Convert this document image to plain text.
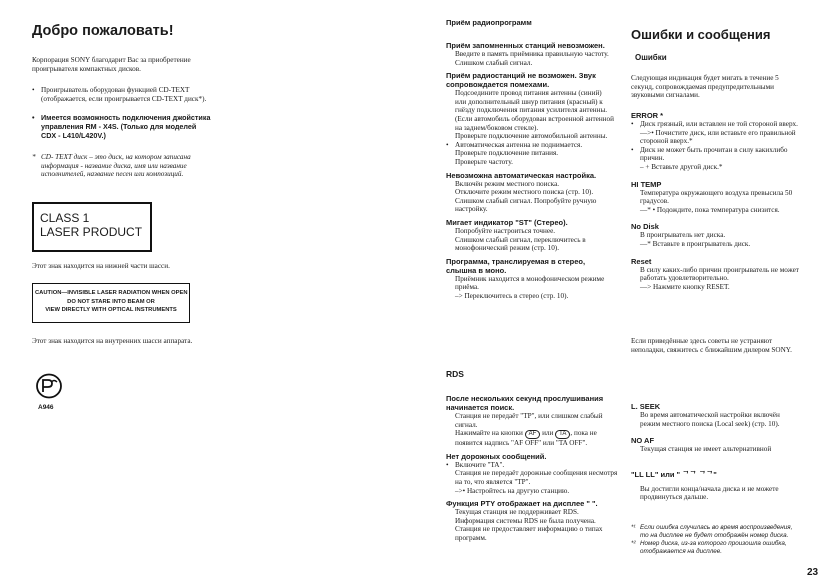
Добро пожаловать!

Корпорация SONY благодарит Вас за приобретение проигрывателя компактных дисков.

• Проигрыватель оборудован функцией CD-TEXT (отображается, если проигрывается CD-TEXT диск*).
• Имеется возможность подключения джойстика управления RM - X4S. (Только для моделей CDX - L410/L420V.)
* CD- TEXT диск – это диск, на котором записана информация - название диска, имя или название исполнителей, название песен или композиций.
CLASS 1
LASER PRODUCT

Этот знак находится на нижней части шасси.

CAUTION—INVISIBLE LASER RADIATION WHEN OPEN
DO NOT STARE INTO BEAM OR
VIEW DIRECTLY WITH OPTICAL INSTRUMENTS

Этот знак находится на внутренних шасси аппарата.

A946
Приём радиопрограмм

Приём запомненных станций невозможен.

Введите в память приёмника правильную частоту.

Слишком слабый сигнал.

Приём радиостанций не возможен. Звук сопровождается помехами.

Подсоедините провод питания антенны (синий) или дополнительный шнур питания (красный) к гнёзду подключения питания усилителя антенны. (Если автомобиль оборудован встроенной антенной на заднем/боковом стекле).

Проверьте подключение автомобильной антенны.

• Автоматическая антенна не поднимается.

Проверьте подключение питания.

Проверьте частоту.

Невозможна автоматическая настройка.

Включён режим местного поиска.

Отключите режим местного поиска (стр. 10).

Слишком слабый сигнал. Попробуйте ручную настройку.

Мигает индикатор "ST" (Стерео).

Попробуйте настроиться точнее.

Слишком слабый сигнал, переключитесь в монофонический режим (стр. 10).

Программа, транслируемая в стерео, слышна в моно.

Приёмник находится в монофоническом режиме приёма.

–> Переключитесь в стерео (стр. 10).

RDS

После нескольких секунд прослушивания начинается поиск.

Станция не передаёт "TP", или слишком слабый сигнал.

Нажимайте на кнопки AF или TA , пока не появится надпись "AF OFF" или "TA OFF".

Нет дорожных сообщений.

• Включите "TA".

Станция не передаёт дорожные сообщения несмотря на то, что является "TP".

–>• Настройтесь на другую станцию.

Функция PTY отображает на дисплее " ".

Текущая станция не поддерживает RDS.

Информация системы RDS не была получена.

Станция не предоставляет информацию о типах программ.

Ошибки и сообщения
Ошибки

Следующая индикация будет мигать в течение 5 секунд, сопровождаемая предупредительными звуковыми сигналами.

ERROR *

• Диск грязный, или вставлен не той стороной вверх.

—>• Почистите диск, или вставьте его правильной стороной вверх.*

• Диск не может быть прочитан в силу какихлибо причин.

– + Вставьте другой диск.*

HI TEMP

Температура окружающего воздуха превысила 50 градусов.

—* • Подождите, пока температура снизится.

No Disk

В проигрыватель нет диска.

—* Вставьте в проигрыватель диск.

Reset

В силу каких-либо причин проигрыватель не может работать удовлетворительно.

—> Нажмите кнопку RESET.

Если приведённые здесь советы не устраняют неполадки, свяжитесь с ближайшим дилером SONY.

L. SEEK

Во время автоматической настройки включён режим местного поиска (Local seek) (стр. 10).

NO AF

Текущая станция не имеет альтернативной

"LL LL" или " ᄀᄀ ᄀᄀ"

Вы достигли конца/начала диска и не можете продвинуться дальше.

*¹ Если ошибка случилась во время воспроизведения, то на дисплее не будет отображён номер диска.
*² Номер диска, из-за которого произошла ошибка, отображается на дисплее.
23
